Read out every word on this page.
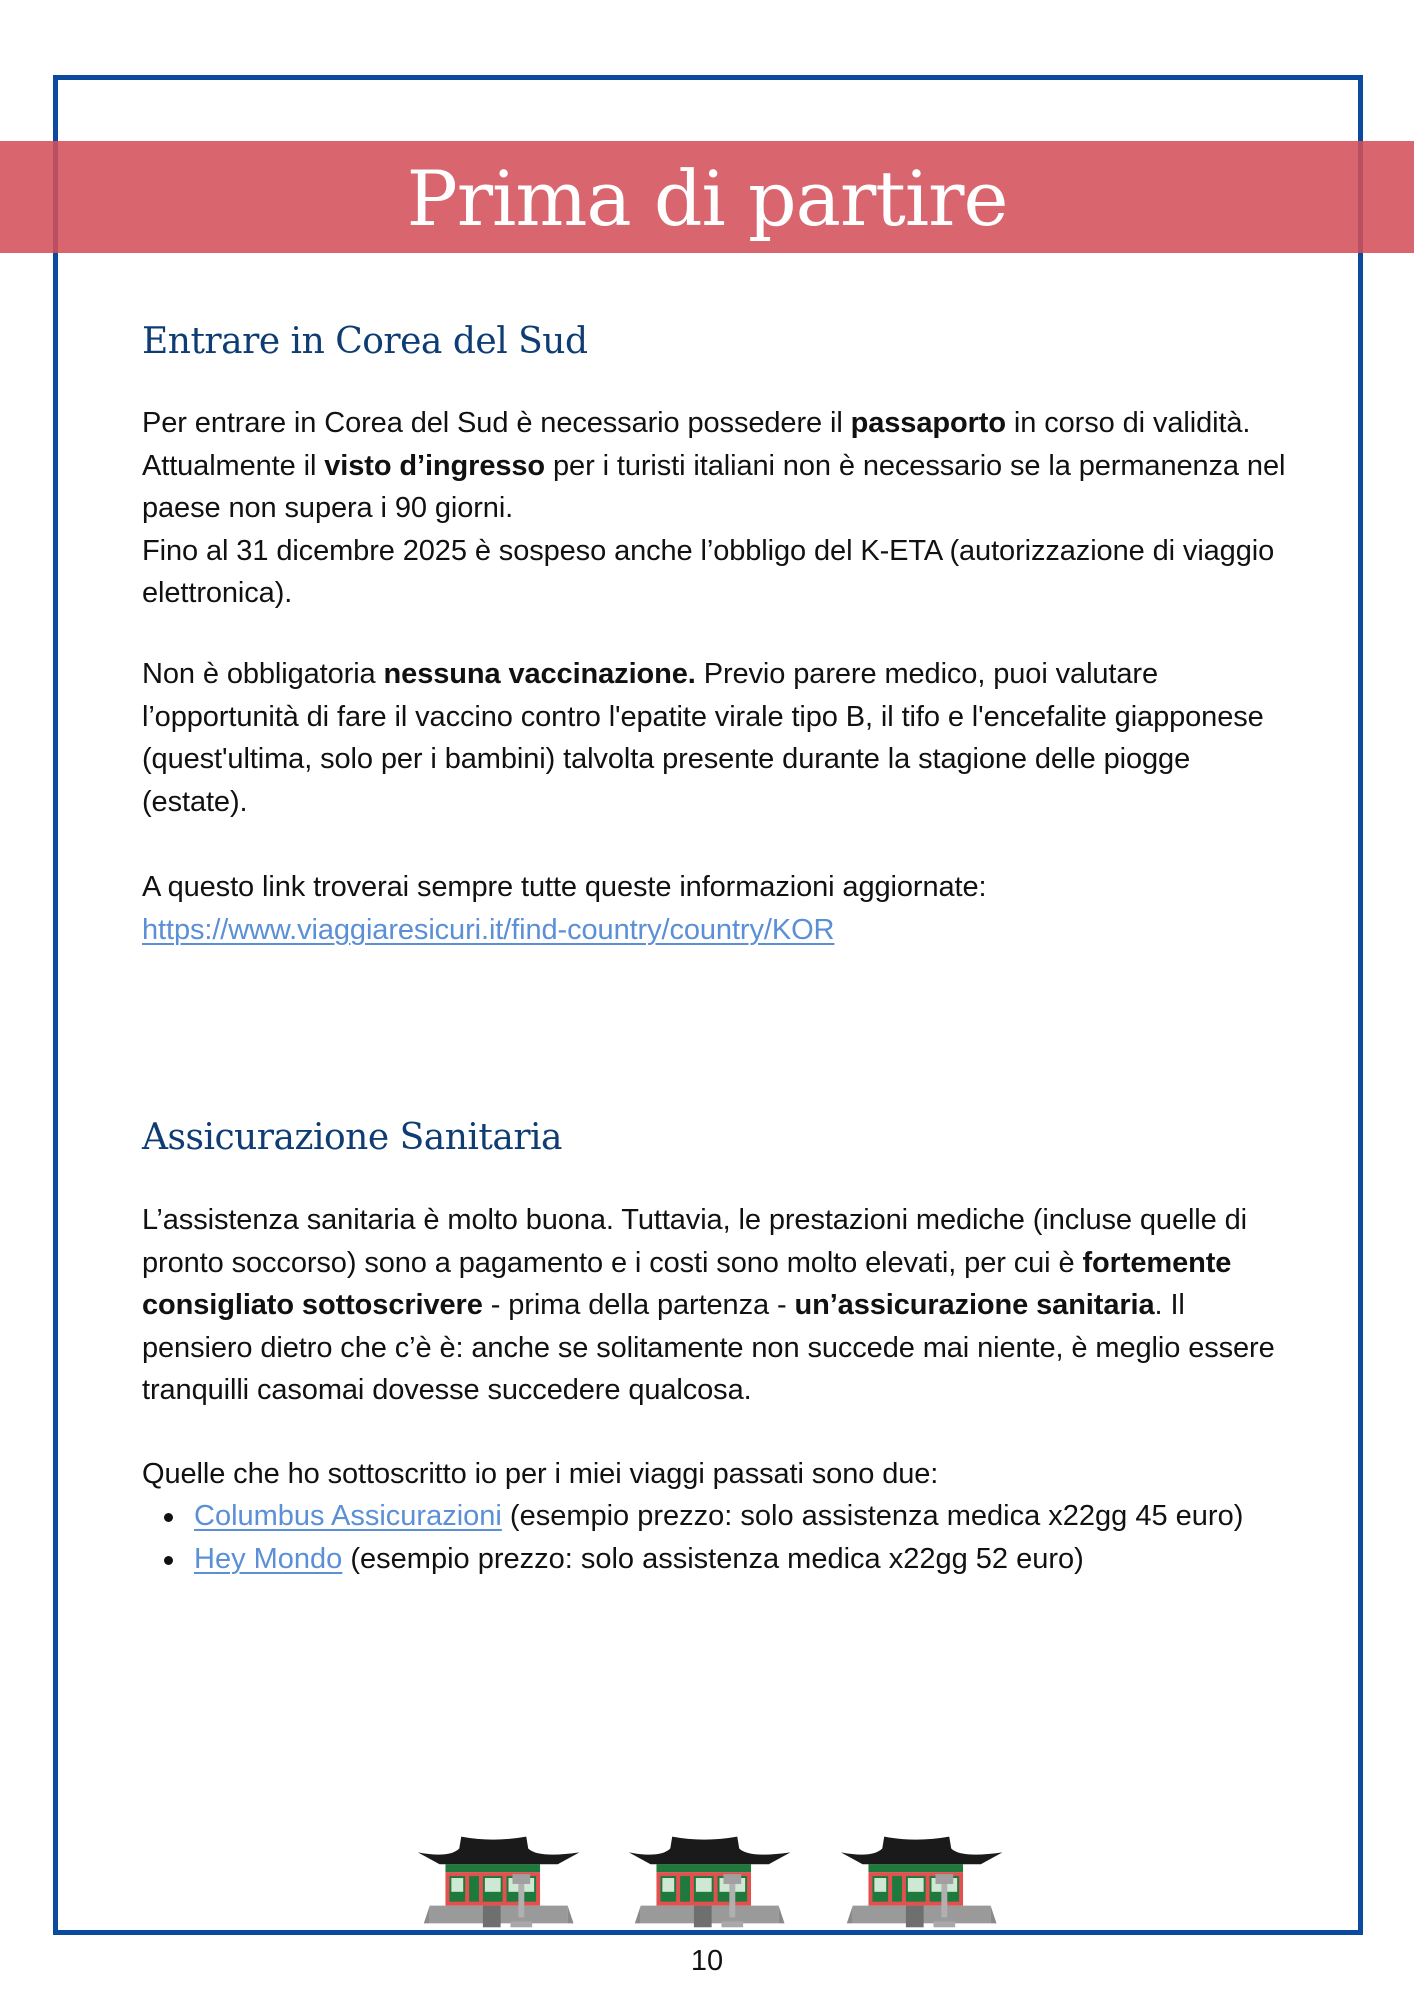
Prima di partire
Entrare in Corea del Sud

Per entrare in Corea del Sud è necessario possedere il passaporto in corso di validità. Attualmente il visto d’ingresso per i turisti italiani non è necessario se la permanenza nel paese non supera i 90 giorni.
Fino al 31 dicembre 2025 è sospeso anche l’obbligo del K-ETA (autorizzazione di viaggio elettronica).

Non è obbligatoria nessuna vaccinazione. Previo parere medico, puoi valutare l’opportunità di fare il vaccino contro l'epatite virale tipo B, il tifo e l'encefalite giapponese (quest'ultima, solo per i bambini) talvolta presente durante la stagione delle piogge (estate).

A questo link troverai sempre tutte queste informazioni aggiornate:
https://www.viaggiaresicuri.it/find-country/country/KOR

Assicurazione Sanitaria

L’assistenza sanitaria è molto buona. Tuttavia, le prestazioni mediche (incluse quelle di pronto soccorso) sono a pagamento e i costi sono molto elevati, per cui è fortemente consigliato sottoscrivere - prima della partenza - un’assicurazione sanitaria. Il pensiero dietro che c’è è: anche se solitamente non succede mai niente, è meglio essere tranquilli casomai dovesse succedere qualcosa.

Quelle che ho sottoscritto io per i miei viaggi passati sono due:

Columbus Assicurazioni (esempio prezzo: solo assistenza medica x22gg 45 euro)
Hey Mondo (esempio prezzo: solo assistenza medica x22gg 52 euro)
10
